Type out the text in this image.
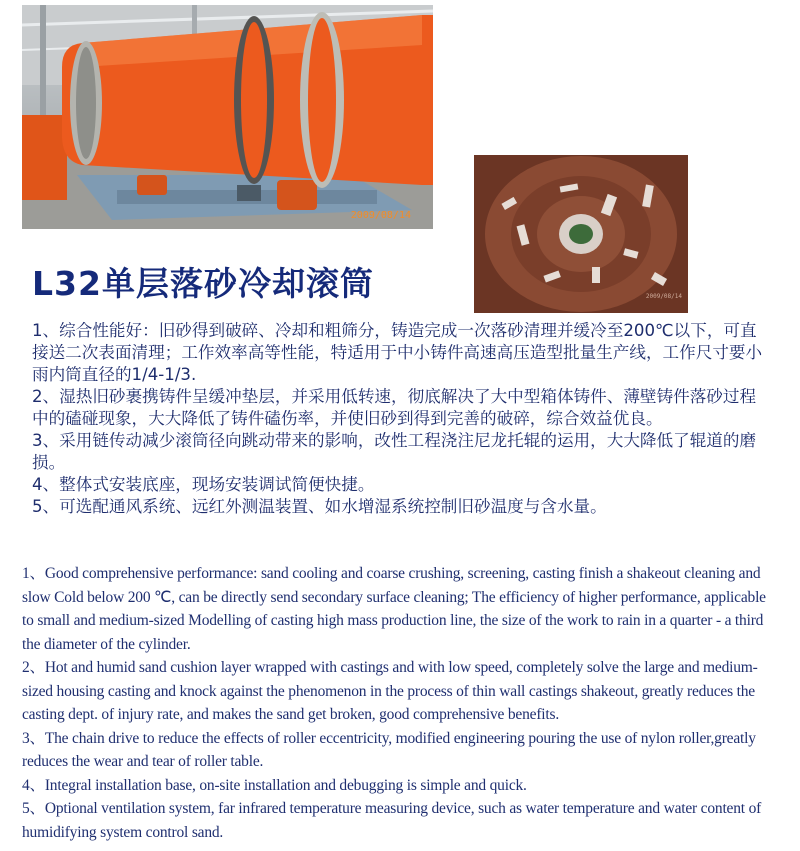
2009/08/14
2009/08/14
L32单层落砂冷却滚筒

1、综合性能好：旧砂得到破碎、冷却和粗筛分，铸造完成一次落砂清理并缓冷至200℃以下，可直接送二次表面清理；工作效率高等性能，特适用于中小铸件高速高压造型批量生产线，工作尺寸要小雨内筒直径的1/4-1/3.

2、湿热旧砂裹携铸件呈缓冲垫层，并采用低转速，彻底解决了大中型箱体铸件、薄壁铸件落砂过程中的磕碰现象，大大降低了铸件磕伤率，并使旧砂到得到完善的破碎，综合效益优良。

3、采用链传动减少滚筒径向跳动带来的影响，改性工程浇注尼龙托辊的运用，大大降低了辊道的磨损。

4、整体式安装底座，现场安装调试简便快捷。

5、可选配通风系统、远红外测温装置、如水增湿系统控制旧砂温度与含水量。

1、Good comprehensive performance: sand cooling and coarse crushing, screening, casting finish a shakeout cleaning and slow Cold below 200 ℃, can be directly send secondary surface cleaning; The efficiency of higher performance, applicable to small and medium-sized Modelling of casting high mass production line, the size of the work to rain in a quarter - a third the diameter of the cylinder.

2、Hot and humid sand cushion layer wrapped with castings and with low speed, completely solve the large and medium-sized housing casting and knock against the phenomenon in the process of thin wall castings shakeout, greatly reduces the casting dept. of injury rate, and makes the sand get broken, good comprehensive benefits.

3、The chain drive to reduce the effects of roller eccentricity, modified engineering pouring the use of nylon roller,greatly reduces the wear and tear of roller table.

4、Integral installation base, on-site installation and debugging is simple and quick.

5、Optional ventilation system, far infrared temperature measuring device, such as water temperature and water content of humidifying system control sand.
